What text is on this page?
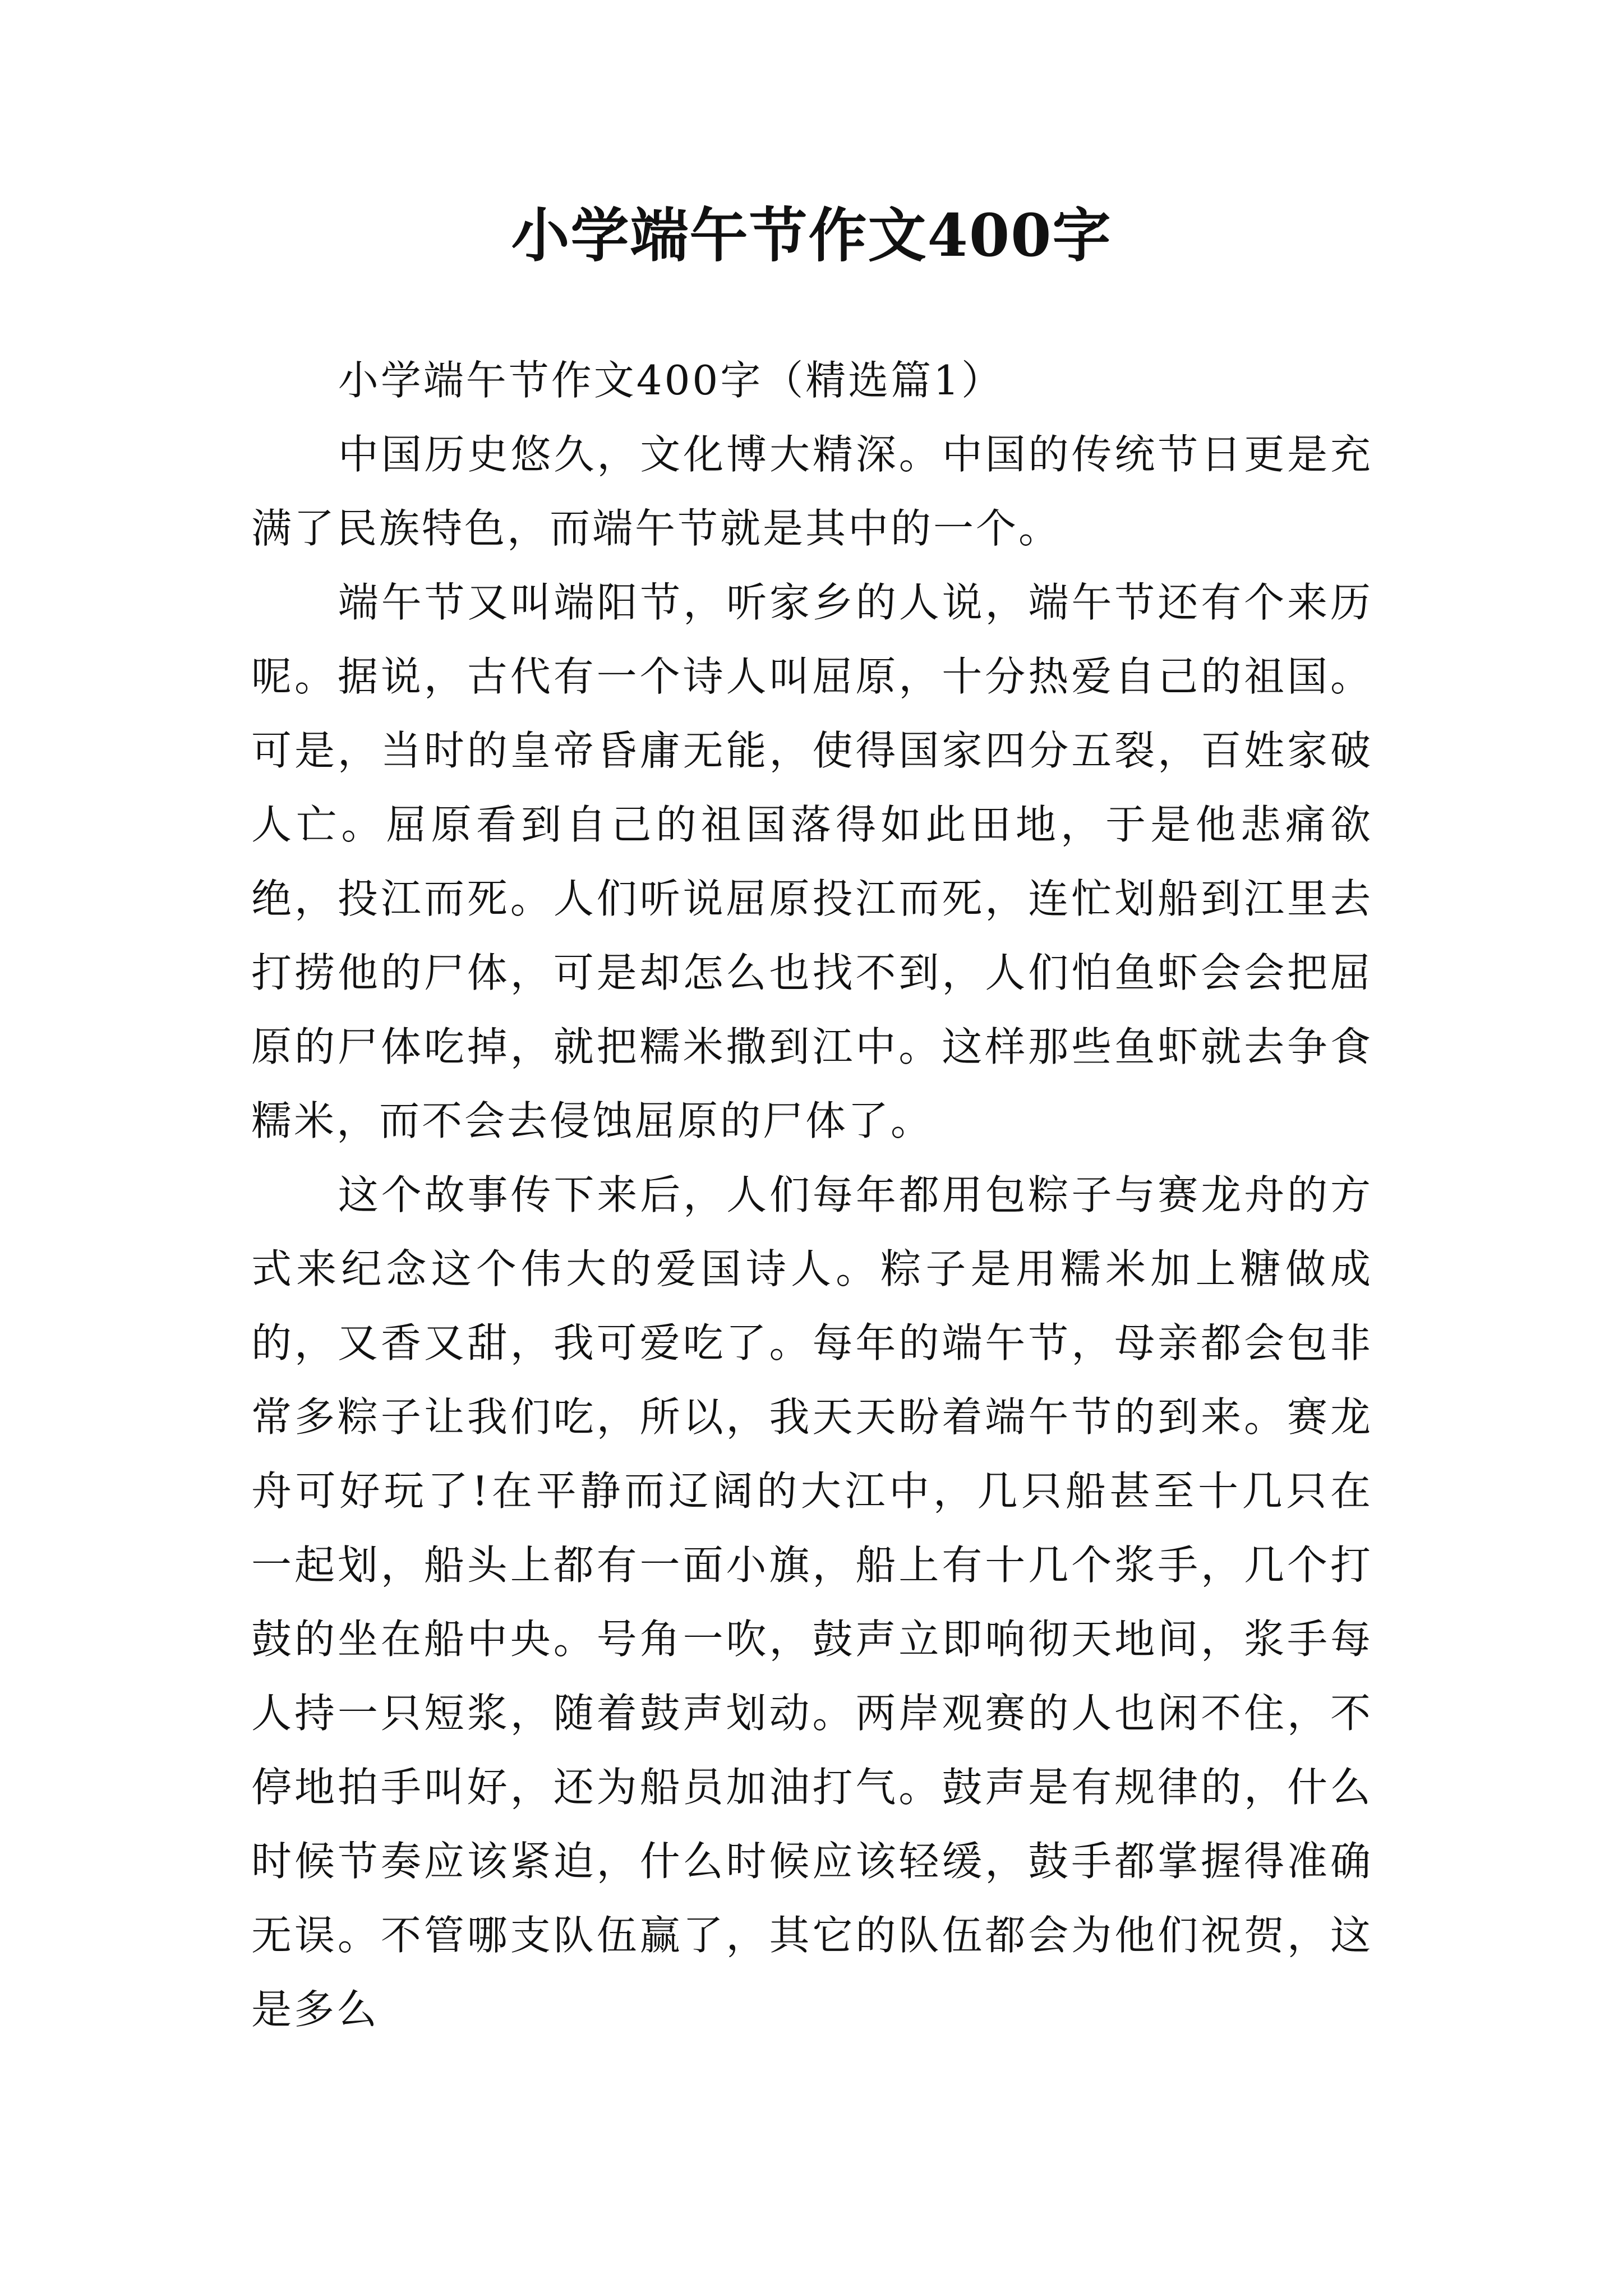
小学端午节作文400字

小学端午节作文400字（精选篇1）

中国历史悠久，文化博大精深。中国的传统节日更是充满了民族特色，而端午节就是其中的一个。

端午节又叫端阳节，听家乡的人说，端午节还有个来历呢。据说，古代有一个诗人叫屈原，十分热爱自己的祖国。可是，当时的皇帝昏庸无能，使得国家四分五裂，百姓家破人亡。屈原看到自己的祖国落得如此田地，于是他悲痛欲绝，投江而死。人们听说屈原投江而死，连忙划船到江里去打捞他的尸体，可是却怎么也找不到，人们怕鱼虾会会把屈原的尸体吃掉，就把糯米撒到江中。这样那些鱼虾就去争食糯米，而不会去侵蚀屈原的尸体了。

这个故事传下来后，人们每年都用包粽子与赛龙舟的方式来纪念这个伟大的爱国诗人。粽子是用糯米加上糖做成的，又香又甜，我可爱吃了。每年的端午节，母亲都会包非常多粽子让我们吃，所以，我天天盼着端午节的到来。赛龙舟可好玩了!在平静而辽阔的大江中，几只船甚至十几只在一起划，船头上都有一面小旗，船上有十几个浆手，几个打鼓的坐在船中央。号角一吹，鼓声立即响彻天地间，浆手每人持一只短浆，随着鼓声划动。两岸观赛的人也闲不住，不停地拍手叫好，还为船员加油打气。鼓声是有规律的，什么时候节奏应该紧迫，什么时候应该轻缓，鼓手都掌握得准确无误。不管哪支队伍赢了，其它的队伍都会为他们祝贺，这是多么
